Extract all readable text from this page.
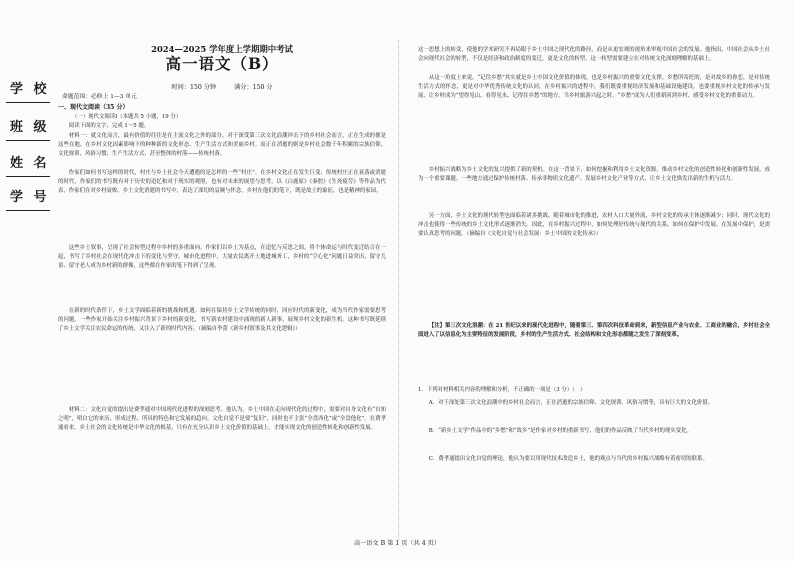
学 校
班 级
姓 名
学 号
2024—2025 学年度上学期期中考试
高一语文（B）
时间：150 分钟	满分：150 分
命题范围：必修上 1—3 单元
一、现代文阅读（35 分）
（一）现代文阅读Ⅰ（本题共 5 小题，19 分）
阅读下面的文字，完成 1～5 题。
材料一：就文化而言，最有价值的往往是在主流文化之外的部分。对于深受第三次文化浪潮冲击下的乡村社会而言，正在生成的便是这些在地、在乡村文化因素影响下的种种新的文化形态、生产生活方式和美丽乡村。而正在消逝的则是乡村社会数千年积累的宗族信仰、文化规训、风俗习惯、生产生活方式、甚至整体的村落——传统村落。
作家们如何书写这样的时代，村庄与乡土社会今天遭遇的是怎样的一些“村庄”。在乡村文化正在发生巨变、传统村庄正在衰落或消逝的时代，作家们的书写既有对于历史的追忆和对于现实的观照，也有对未来的展望与思考。以《白鹿原》《秦腔》《生死疲劳》等作品为代表，作家们在对乡村衰败、乡土文化消逝的书写中，表达了深切的哀婉与怀念。乡村在他们的笔下，既是故土的象征，也是精神的家园。
这些乡土叙事，呈现了社会转型过程中乡村的多重面向。作家们以乡土为基点，在追忆与反思之间，将个体命运与时代变迁结合在一起，书写了乡村社会在现代化冲击下的变化与坚守。城市化进程中，大量农民离开土地进城务工，乡村的“空心化”问题日益突出，留守儿童、留守老人成为乡村新的群像，这些都在作家的笔下得到了呈现。
在新的时代条件下，乡土文学面临着新的挑战和机遇。如何在保持乡土文学传统的同时，回应时代的新变化，成为当代作家需要思考的问题。一些作家开始关注乡村振兴背景下乡村的新变化，书写新农村建设中涌现的新人新事，展现乡村文化的新生机。这种书写既延续了乡土文学关注农民命运的传统，又注入了新的时代内容。（摘编自李蕾《新乡村叙事及其文化逻辑》）
材料二：文化自觉的提出是费孝通对中国现代化进程的深刻思考。他认为，乡土中国在走向现代化的过程中，需要对自身文化有“自知之明”，明白它的来历、形成过程、所具的特色和它发展的趋向。文化自觉不是要“复旧”，同时也不主张“全盘西化”或“全盘他化”。在费孝通看来，乡土社会的文化传统是中华文化的根基，只有在充分认识乡土文化价值的基础上，才能实现文化的创造性转化和创新性发展。
这一思想上的转变，使他的学术研究不再局限于乡土中国之现代化的路径，而是从更宏观的视角来审视中国社会的发展。他指出，中国社会从乡土社会向现代社会的转型，不仅是经济和政治制度的变迁，更是文化的转型。这一转型需要建立在对传统文化深刻理解的基础上。
从这一角度上来说，“记住乡愁”其实就是乡土中国文化价值的体现，也是乡村振兴的重要文化支撑。乡愁所寄托的，是对故乡的眷恋，是对传统生活方式的怀念，更是对中华优秀传统文化的认同。在乡村振兴的进程中，我们既要重视经济发展和基础设施建设，也要重视乡村文化的传承与发展，让乡村成为“望得见山、看得见水、记得住乡愁”的地方。当乡村旅游兴起之时，“乡愁”成为人们重新回到乡村、感受乡村文化的重要动力。
乡村振兴战略为乡土文化的复兴提供了新的契机。在这一背景下，如何挖掘和利用乡土文化资源，推动乡村文化的创造性转化和创新性发展，成为一个重要课题。一些地方通过保护传统村落、传承非物质文化遗产、发展乡村文化产业等方式，让乡土文化焕发出新的生机与活力。
另一方面，乡土文化的现代转型也面临着诸多挑战。随着城市化的推进，农村人口大量外流，乡村文化的传承主体逐渐减少；同时，现代文化的冲击也使得一些传统的乡土文化形式逐渐消失。因此，在乡村振兴过程中，如何处理好传统与现代的关系，如何在保护中发展、在发展中保护，是需要认真思考的问题。（摘编自《文化自觉与社会发展：乡土中国的文化传承》）
【注】第三次文化浪潮：在 21 世纪以来的现代化进程中，随着第三、第四次科技革命到来，新型信息产业与农业、工商业的融合，乡村社会全面进入了以信息化为主要特征的发展阶段，乡村的生产生活方式、社会结构和文化形态都随之发生了深刻变革。
1．下列对材料相关内容的理解和分析，不正确的一项是（3 分）（　）
A．对于深处第三次文化浪潮中的乡村社会而言，正在消逝的宗族信仰、文化规训、风俗习惯等，具有巨大的文化价值。
B．“新乡土文学”作品中的“乡愁”和“故乡”是作家对乡村的重新书写，他们的作品反映了当代乡村的现实变化。
C．费孝通提出文化自觉的理论，他认为要以用现代技术改造乡土，他的观点与当代的乡村振兴战略有着密切的联系。
高一语文 B 第 1 页（共 4 页）
